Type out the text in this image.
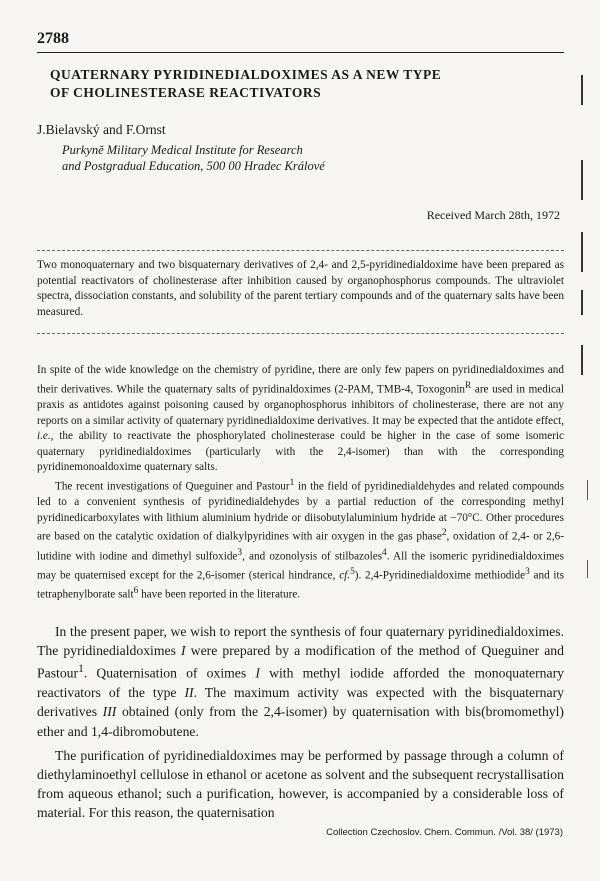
2788
QUATERNARY PYRIDINEDIALDOXIMES AS A NEW TYPE
OF CHOLINESTERASE REACTIVATORS
J.Bielavský and F.Ornst
Purkyně Military Medical Institute for Research
and Postgradual Education, 500 00 Hradec Králové
Received March 28th, 1972
Two monoquaternary and two bisquaternary derivatives of 2,4- and 2,5-pyridinedialdoxime have been prepared as potential reactivators of cholinesterase after inhibition caused by organophosphorus compounds. The ultraviolet spectra, dissociation constants, and solubility of the parent tertiary compounds and of the quaternary salts have been measured.

In spite of the wide knowledge on the chemistry of pyridine, there are only few papers on pyridinedialdoximes and their derivatives. While the quaternary salts of pyridinaldoximes (2-PAM, TMB-4, Toxogonin$^R$ are used in medical praxis as antidotes against poisoning caused by organophosphorus inhibitors of cholinesterase, there are not any reports on a similar activity of quaternary pyridinedialdoxime derivatives. It may be expected that the antidote effect, i.e., the ability to reactivate the phosphorylated cholinesterase could be higher in the case of some isomeric quaternary pyridinedialdoximes (particularly with the 2,4-isomer) than with the corresponding pyridinemonoaldoxime quaternary salts.

The recent investigations of Queguiner and Pastour$^1$ in the field of pyridinedialdehydes and related compounds led to a convenient synthesis of pyridinedialdehydes by a partial reduction of the corresponding methyl pyridinedicarboxylates with lithium aluminium hydride or diisobutylaluminium hydride at −70°C. Other procedures are based on the catalytic oxidation of dialkylpyridines with air oxygen in the gas phase$^2$, oxidation of 2,4- or 2,6-lutidine with iodine and dimethyl sulfoxide$^3$, and ozonolysis of stilbazoles$^4$. All the isomeric pyridinedialdoximes may be quaternised except for the 2,6-isomer (sterical hindrance, cf.$^5$). 2,4-Pyridinedialdoxime methiodide$^3$ and its tetraphenylborate salt$^6$ have been reported in the literature.

In the present paper, we wish to report the synthesis of four quaternary pyridinedialdoximes. The pyridinedialdoximes I were prepared by a modification of the method of Queguiner and Pastour$^1$. Quaternisation of oximes I with methyl iodide afforded the monoquaternary reactivators of the type II. The maximum activity was expected with the bisquaternary derivatives III obtained (only from the 2,4-isomer) by quaternisation with bis(bromomethyl) ether and 1,4-dibromobutene.

The purification of pyridinedialdoximes may be performed by passage through a column of diethylaminoethyl cellulose in ethanol or acetone as solvent and the subsequent recrystallisation from aqueous ethanol; such a purification, however, is accompanied by a considerable loss of material. For this reason, the quaternisation

Collection Czechoslov. Chem. Commun. /Vol. 38/ (1973)
